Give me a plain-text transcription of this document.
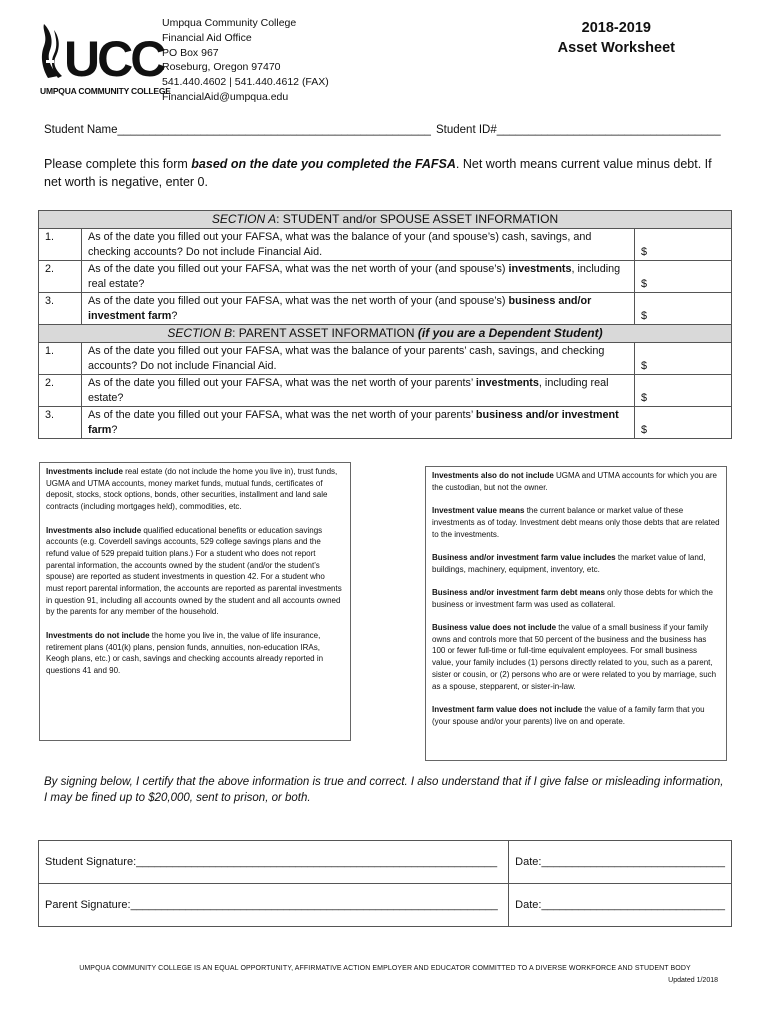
UCC
UMPQUA COMMUNITY COLLEGE
Umpqua Community College
Financial Aid Office
PO Box 967
Roseburg, Oregon 97470
541.440.4602 | 541.440.4612 (FAX)
FinancialAid@umpqua.edu
2018-2019
Asset Worksheet
Student Name_________________________________________________ Student ID#___________________________________
Please complete this form based on the date you completed the FAFSA. Net worth means current value minus debt. If net worth is negative, enter 0.
SECTION A: STUDENT and/or SPOUSE ASSET INFORMATION		
1.	As of the date you filled out your FAFSA, what was the balance of your (and spouse’s) cash, savings, and checking accounts? Do not include Financial Aid.	$
2.	As of the date you filled out your FAFSA, what was the net worth of your (and spouse’s) investments, including real estate?	$
3.	As of the date you filled out your FAFSA, what was the net worth of your (and spouse’s) business and/or investment farm?	$
SECTION B: PARENT ASSET INFORMATION (if you are a Dependent Student)		
1.	As of the date you filled out your FAFSA, what was the balance of your parents’ cash, savings, and checking accounts? Do not include Financial Aid.	$
2.	As of the date you filled out your FAFSA, what was the net worth of your parents’ investments, including real estate?	$
3.	As of the date you filled out your FAFSA, what was the net worth of your parents’ business and/or investment farm?	$

Investments include real estate (do not include the home you live in), trust funds, UGMA and UTMA accounts, money market funds, mutual funds, certificates of deposit, stocks, stock options, bonds, other securities, installment and land sale contracts (including mortgages held), commodities, etc.

Investments also include qualified educational benefits or education savings accounts (e.g. Coverdell savings accounts, 529 college savings plans and the refund value of 529 prepaid tuition plans.) For a student who does not report parental information, the accounts owned by the student (and/or the student’s spouse) are reported as student investments in question 42. For a student who must report parental information, the accounts are reported as parental investments in question 91, including all accounts owned by the student and all accounts owned by the parents for any member of the household.

Investments do not include the home you live in, the value of life insurance, retirement plans (401(k) plans, pension funds, annuities, non-education IRAs, Keogh plans, etc.) or cash, savings and checking accounts already reported in questions 41 and 90.

Investments also do not include UGMA and UTMA accounts for which you are the custodian, but not the owner.

Investment value means the current balance or market value of these investments as of today. Investment debt means only those debts that are related to the investments.

Business and/or investment farm value includes the market value of land, buildings, machinery, equipment, inventory, etc.

Business and/or investment farm debt means only those debts for which the business or investment farm was used as collateral.

Business value does not include the value of a small business if your family owns and controls more that 50 percent of the business and the business has 100 or fewer full-time or full-time equivalent employees. For small business value, your family includes (1) persons directly related to you, such as a parent, sister or cousin, or (2) persons who are or were related to you by marriage, such as a spouse, stepparent, or sister-in-law.

Investment farm value does not include the value of a family farm that you (your spouse and/or your parents) live on and operate.

By signing below, I certify that the above information is true and correct. I also understand that if I give false or misleading information, I may be fined up to $20,000, sent to prison, or both.
Student Signature:___________________________________________________________	Date:______________________________
Parent Signature:____________________________________________________________	Date:______________________________
UMPQUA COMMUNITY COLLEGE IS AN EQUAL OPPORTUNITY, AFFIRMATIVE ACTION EMPLOYER AND EDUCATOR COMMITTED TO A DIVERSE WORKFORCE AND STUDENT BODY
Updated 1/2018
